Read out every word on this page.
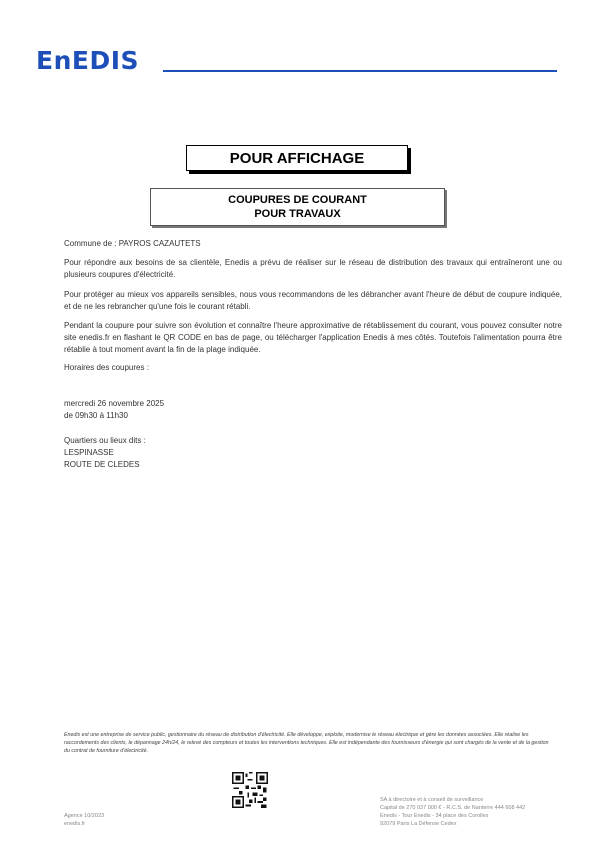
EnEDIS
POUR AFFICHAGE
COUPURES DE COURANT
POUR TRAVAUX
Commune de : PAYROS CAZAUTETS
Pour répondre aux besoins de sa clientèle, Enedis a prévu de réaliser sur le réseau de distribution des travaux qui entraîneront une ou plusieurs coupures d'électricité.
Pour protéger au mieux vos appareils sensibles, nous vous recommandons de les débrancher avant l'heure de début de coupure indiquée, et de ne les rebrancher qu'une fois le courant rétabli.
Pendant la coupure pour suivre son évolution et connaître l'heure approximative de rétablissement du courant, vous pouvez consulter notre site enedis.fr en flashant le QR CODE en bas de page, ou télécharger l'application Enedis à mes côtés. Toutefois l'alimentation pourra être rétablie à tout moment avant la fin de la plage indiquée.
Horaires des coupures :
mercredi 26 novembre 2025
de 09h30 à 11h30
Quartiers ou lieux dits :
LESPINASSE
ROUTE DE CLEDES
Enedis est une entreprise de service public, gestionnaire du réseau de distribution d'électricité. Elle développe, exploite, modernise le réseau électrique et gère les données associées. Elle réalise les raccordements des clients, le dépannage 24h/24, le relevé des compteurs et toutes les interventions techniques. Elle est indépendante des fournisseurs d'énergie qui sont chargés de la vente et de la gestion du contrat de fourniture d'électricité.
Agence 10/2023
enedis.fr
SA à directoire et à conseil de surveillance
Capital de 270 037 000 € - R.C.S. de Nanterre 444 608 442
Enedis - Tour Enedis - 34 place des Corolles
92079 Paris La Défense Cedex
